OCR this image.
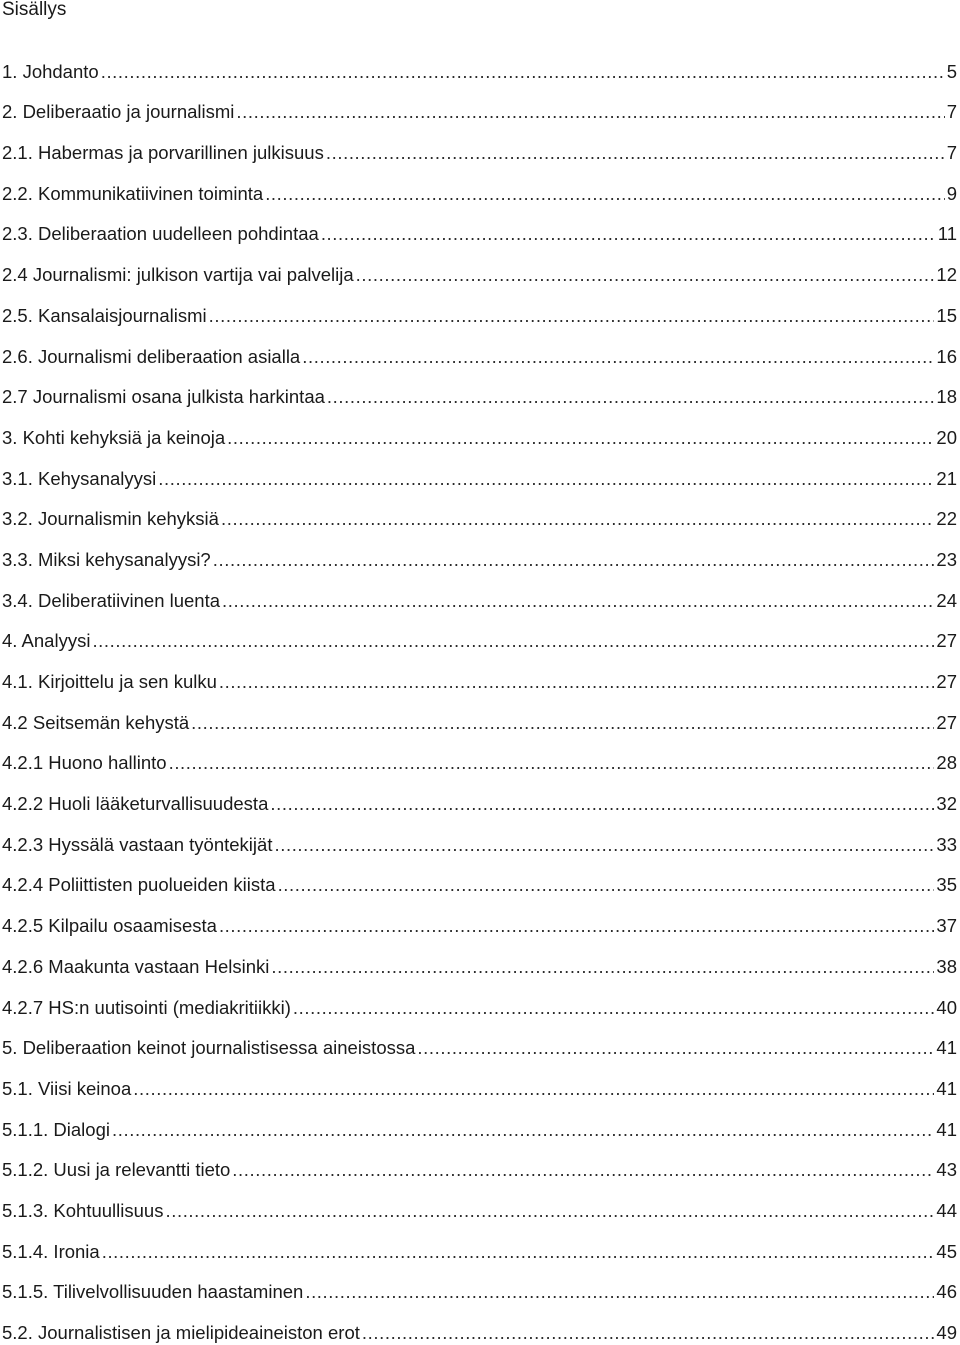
Sisällys
1. Johdanto .....	5
2. Deliberaatio ja journalismi .....	7
2.1. Habermas ja porvarillinen julkisuus .....	7
2.2. Kommunikatiivinen toiminta .....	9
2.3. Deliberaation uudelleen pohdintaa .....	11
2.4 Journalismi: julkison vartija vai palvelija .....	12
2.5. Kansalaisjournalismi .....	15
2.6. Journalismi deliberaation asialla .....	16
2.7 Journalismi osana julkista harkintaa .....	18
3. Kohti kehyksiä ja keinoja .....	20
3.1. Kehysanalyysi .....	21
3.2. Journalismin kehyksiä .....	22
3.3. Miksi kehysanalyysi? .....	23
3.4. Deliberatiivinen luenta .....	24
4. Analyysi .....	27
4.1. Kirjoittelu ja sen kulku .....	27
4.2 Seitsemän kehystä .....	27
4.2.1 Huono hallinto .....	28
4.2.2 Huoli lääketurvallisuudesta .....	32
4.2.3 Hyssälä vastaan työntekijät .....	33
4.2.4 Poliittisten puolueiden kiista .....	35
4.2.5 Kilpailu osaamisesta .....	37
4.2.6 Maakunta vastaan Helsinki .....	38
4.2.7 HS:n uutisointi (mediakritiikki) .....	40
5. Deliberaation keinot journalistisessa aineistossa .....	41
5.1. Viisi keinoa .....	41
5.1.1. Dialogi .....	41
5.1.2. Uusi ja relevantti tieto .....	43
5.1.3. Kohtuullisuus .....	44
5.1.4. Ironia .....	45
5.1.5. Tilivelvollisuuden haastaminen .....	46
5.2. Journalistisen ja mielipideaineiston erot .....	49
